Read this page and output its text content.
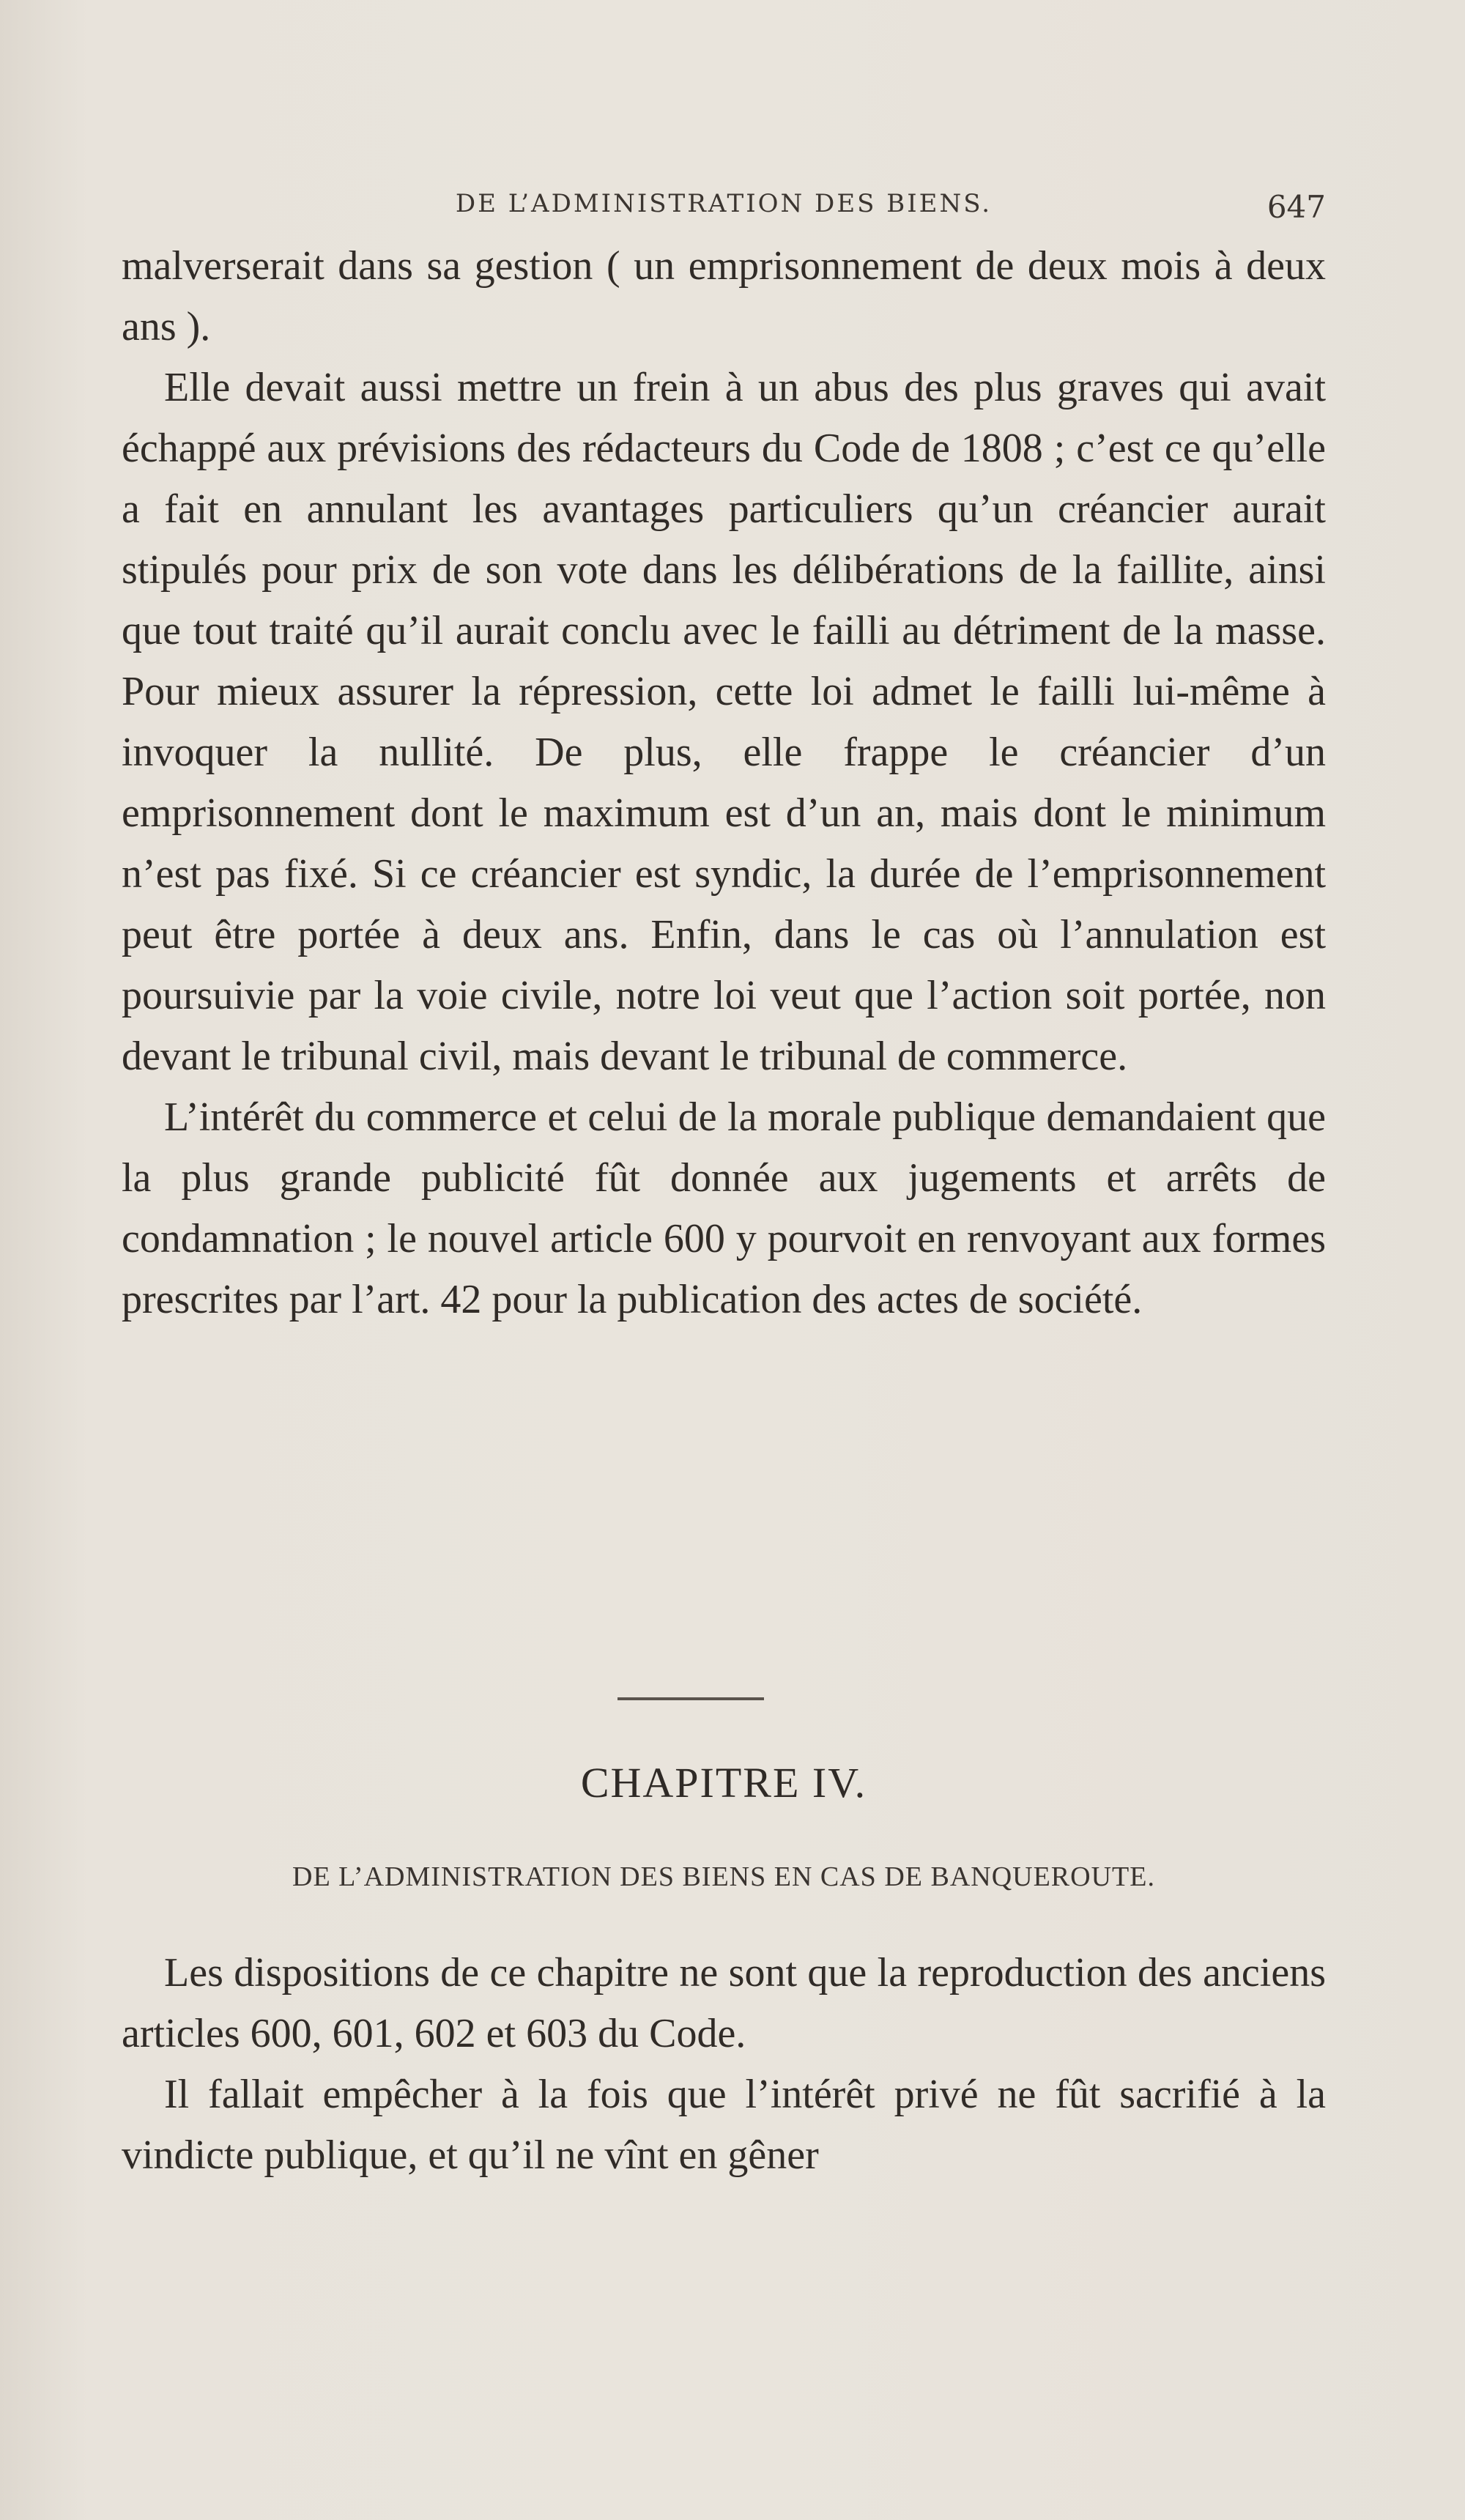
DE L’ADMINISTRATION DES BIENS.	647

malverserait dans sa gestion ( un emprisonnement de deux mois à deux ans ).

Elle devait aussi mettre un frein à un abus des plus graves qui avait échappé aux prévisions des rédacteurs du Code de 1808 ; c’est ce qu’elle a fait en annulant les avantages particuliers qu’un créancier aurait stipulés pour prix de son vote dans les délibérations de la faillite, ainsi que tout traité qu’il aurait conclu avec le failli au détriment de la masse. Pour mieux assurer la répression, cette loi admet le failli lui-même à invoquer la nullité. De plus, elle frappe le créancier d’un emprisonnement dont le maximum est d’un an, mais dont le minimum n’est pas fixé. Si ce créancier est syndic, la durée de l’emprisonnement peut être portée à deux ans. Enfin, dans le cas où l’annulation est poursuivie par la voie civile, notre loi veut que l’action soit portée, non devant le tribunal civil, mais devant le tribunal de commerce.

L’intérêt du commerce et celui de la morale publique demandaient que la plus grande publicité fût donnée aux jugements et arrêts de condamnation ; le nouvel article 600 y pourvoit en renvoyant aux formes prescrites par l’art. 42 pour la publication des actes de société.

CHAPITRE IV.
DE L’ADMINISTRATION DES BIENS EN CAS DE BANQUEROUTE.

Les dispositions de ce chapitre ne sont que la reproduction des anciens articles 600, 601, 602 et 603 du Code.

Il fallait empêcher à la fois que l’intérêt privé ne fût sacrifié à la vindicte publique, et qu’il ne vînt en gêner
